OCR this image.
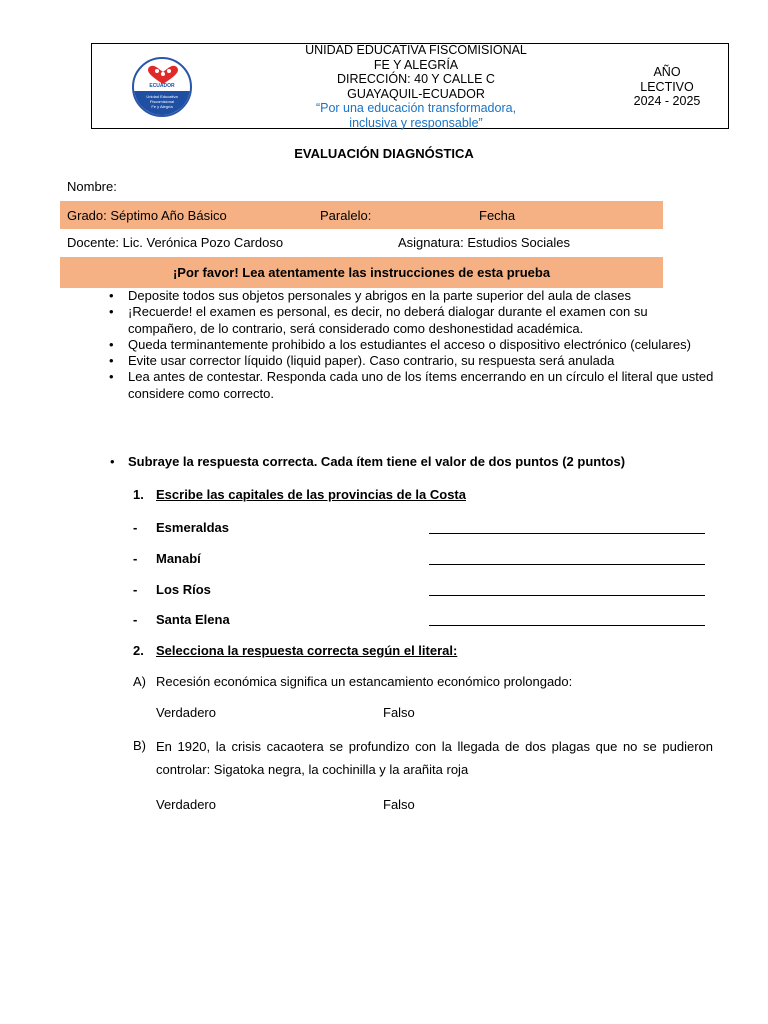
ECUADOR
Unidad Educativa
Fiscomisional
Fe y Alegría
UNIDAD EDUCATIVA FISCOMISIONAL
FE Y ALEGRÍA
DIRECCIÓN: 40 Y CALLE C
GUAYAQUIL-ECUADOR
“Por una educación transformadora,
inclusiva y responsable”
AÑO
LECTIVO
2024 - 2025
EVALUACIÓN DIAGNÓSTICA
Nombre:
Grado: Séptimo Año Básico	Paralelo:	Fecha
Docente: Lic. Verónica Pozo Cardoso	Asignatura: Estudios Sociales
¡Por favor! Lea atentamente las instrucciones de esta prueba
• Deposite todos sus objetos personales y abrigos en la parte superior del aula de clases
• ¡Recuerde! el examen es personal, es decir, no deberá dialogar durante el examen con su compañero, de lo contrario, será considerado como deshonestidad académica.
• Queda terminantemente prohibido a los estudiantes el acceso o dispositivo electrónico (celulares)
• Evite usar corrector líquido (liquid paper). Caso contrario, su respuesta será anulada
• Lea antes de contestar. Responda cada uno de los ítems encerrando en un círculo el literal que usted considere como correcto.
• Subraye la respuesta correcta. Cada ítem tiene el valor de dos puntos (2 puntos)
1. Escribe las capitales de las provincias de la Costa
- Esmeraldas
- Manabí
- Los Ríos
- Santa Elena
2. Selecciona la respuesta correcta según el literal:
A) Recesión económica significa un estancamiento económico prolongado:
Verdadero	Falso
B) En 1920, la crisis cacaotera se profundizo con la llegada de dos plagas que no se pudieron controlar: Sigatoka negra, la cochinilla y la arañita roja
Verdadero	Falso
